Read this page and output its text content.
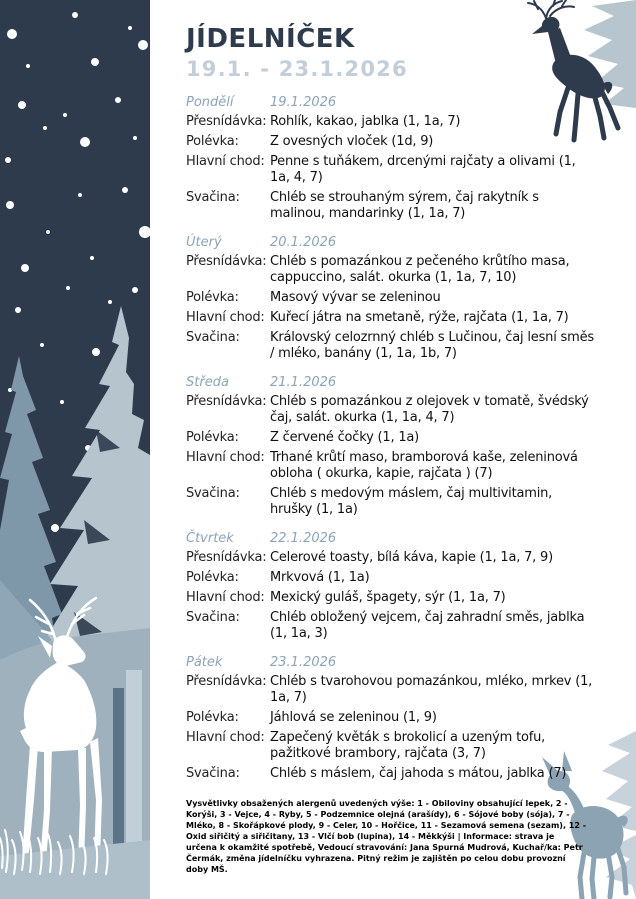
JÍDELNÍČEK
19.1. - 23.1.2026
Pondělí	19.1.2026
Přesnídávka: Rohlík, kakao, jablka (1, 1a, 7)
Polévka:	Z ovesných vloček (1d, 9)
Hlavní chod: Penne s tuňákem, drcenými rajčaty a olivami (1, 1a, 4, 7)
Svačina:	Chléb se strouhaným sýrem, čaj rakytník s malinou, mandarinky (1, 1a, 7)
Úterý	20.1.2026
Přesnídávka: Chléb s pomazánkou z pečeného krůtího masa, cappuccino, salát. okurka (1, 1a, 7, 10)
Polévka:	Masový vývar se zeleninou
Hlavní chod: Kuřecí játra na smetaně, rýže, rajčata (1, 1a, 7)
Svačina:	Královský celozrnný chléb s Lučinou, čaj lesní směs / mléko, banány (1, 1a, 1b, 7)
Středa	21.1.2026
Přesnídávka: Chléb s pomazánkou z olejovek v tomatě, švédský čaj, salát. okurka (1, 1a, 4, 7)
Polévka:	Z červené čočky (1, 1a)
Hlavní chod: Trhané krůtí maso, bramborová kaše, zeleninová obloha ( okurka, kapie, rajčata ) (7)
Svačina:	Chléb s medovým máslem, čaj multivitamin, hrušky (1, 1a)
Čtvrtek	22.1.2026
Přesnídávka: Celerové toasty, bílá káva, kapie (1, 1a, 7, 9)
Polévka:	Mrkvová (1, 1a)
Hlavní chod: Mexický guláš, špagety, sýr (1, 1a, 7)
Svačina:	Chléb obložený vejcem, čaj zahradní směs, jablka (1, 1a, 3)
Pátek	23.1.2026
Přesnídávka: Chléb s tvarohovou pomazánkou, mléko, mrkev (1, 1a, 7)
Polévka:	Jáhlová se zeleninou (1, 9)
Hlavní chod: Zapečený květák s brokolicí a uzeným tofu, pažitkové brambory, rajčata (3, 7)
Svačina:	Chléb s máslem, čaj jahoda s mátou, jablka (7)
Vysvětlivky obsažených alergenů uvedených výše: 1 - Obiloviny obsahující lepek, 2 - Korýši, 3 - Vejce, 4 - Ryby, 5 - Podzemnice olejná (arašídy), 6 - Sójové boby (sója), 7 - Mléko, 8 - Skořápkové plody, 9 - Celer, 10 - Hořčice, 11 - Sezamová semena (sezam), 12 - Oxid siřičitý a siřičitany, 13 - Vlčí bob (lupina), 14 - Měkkýši | Informace: strava je určena k okamžité spotřebě, Vedoucí stravování: Jana Spurná Mudrová, Kuchař/ka: Petr Čermák, změna jídelníčku vyhrazena. Pitný režim je zajištěn po celou dobu provozní doby MŠ.
